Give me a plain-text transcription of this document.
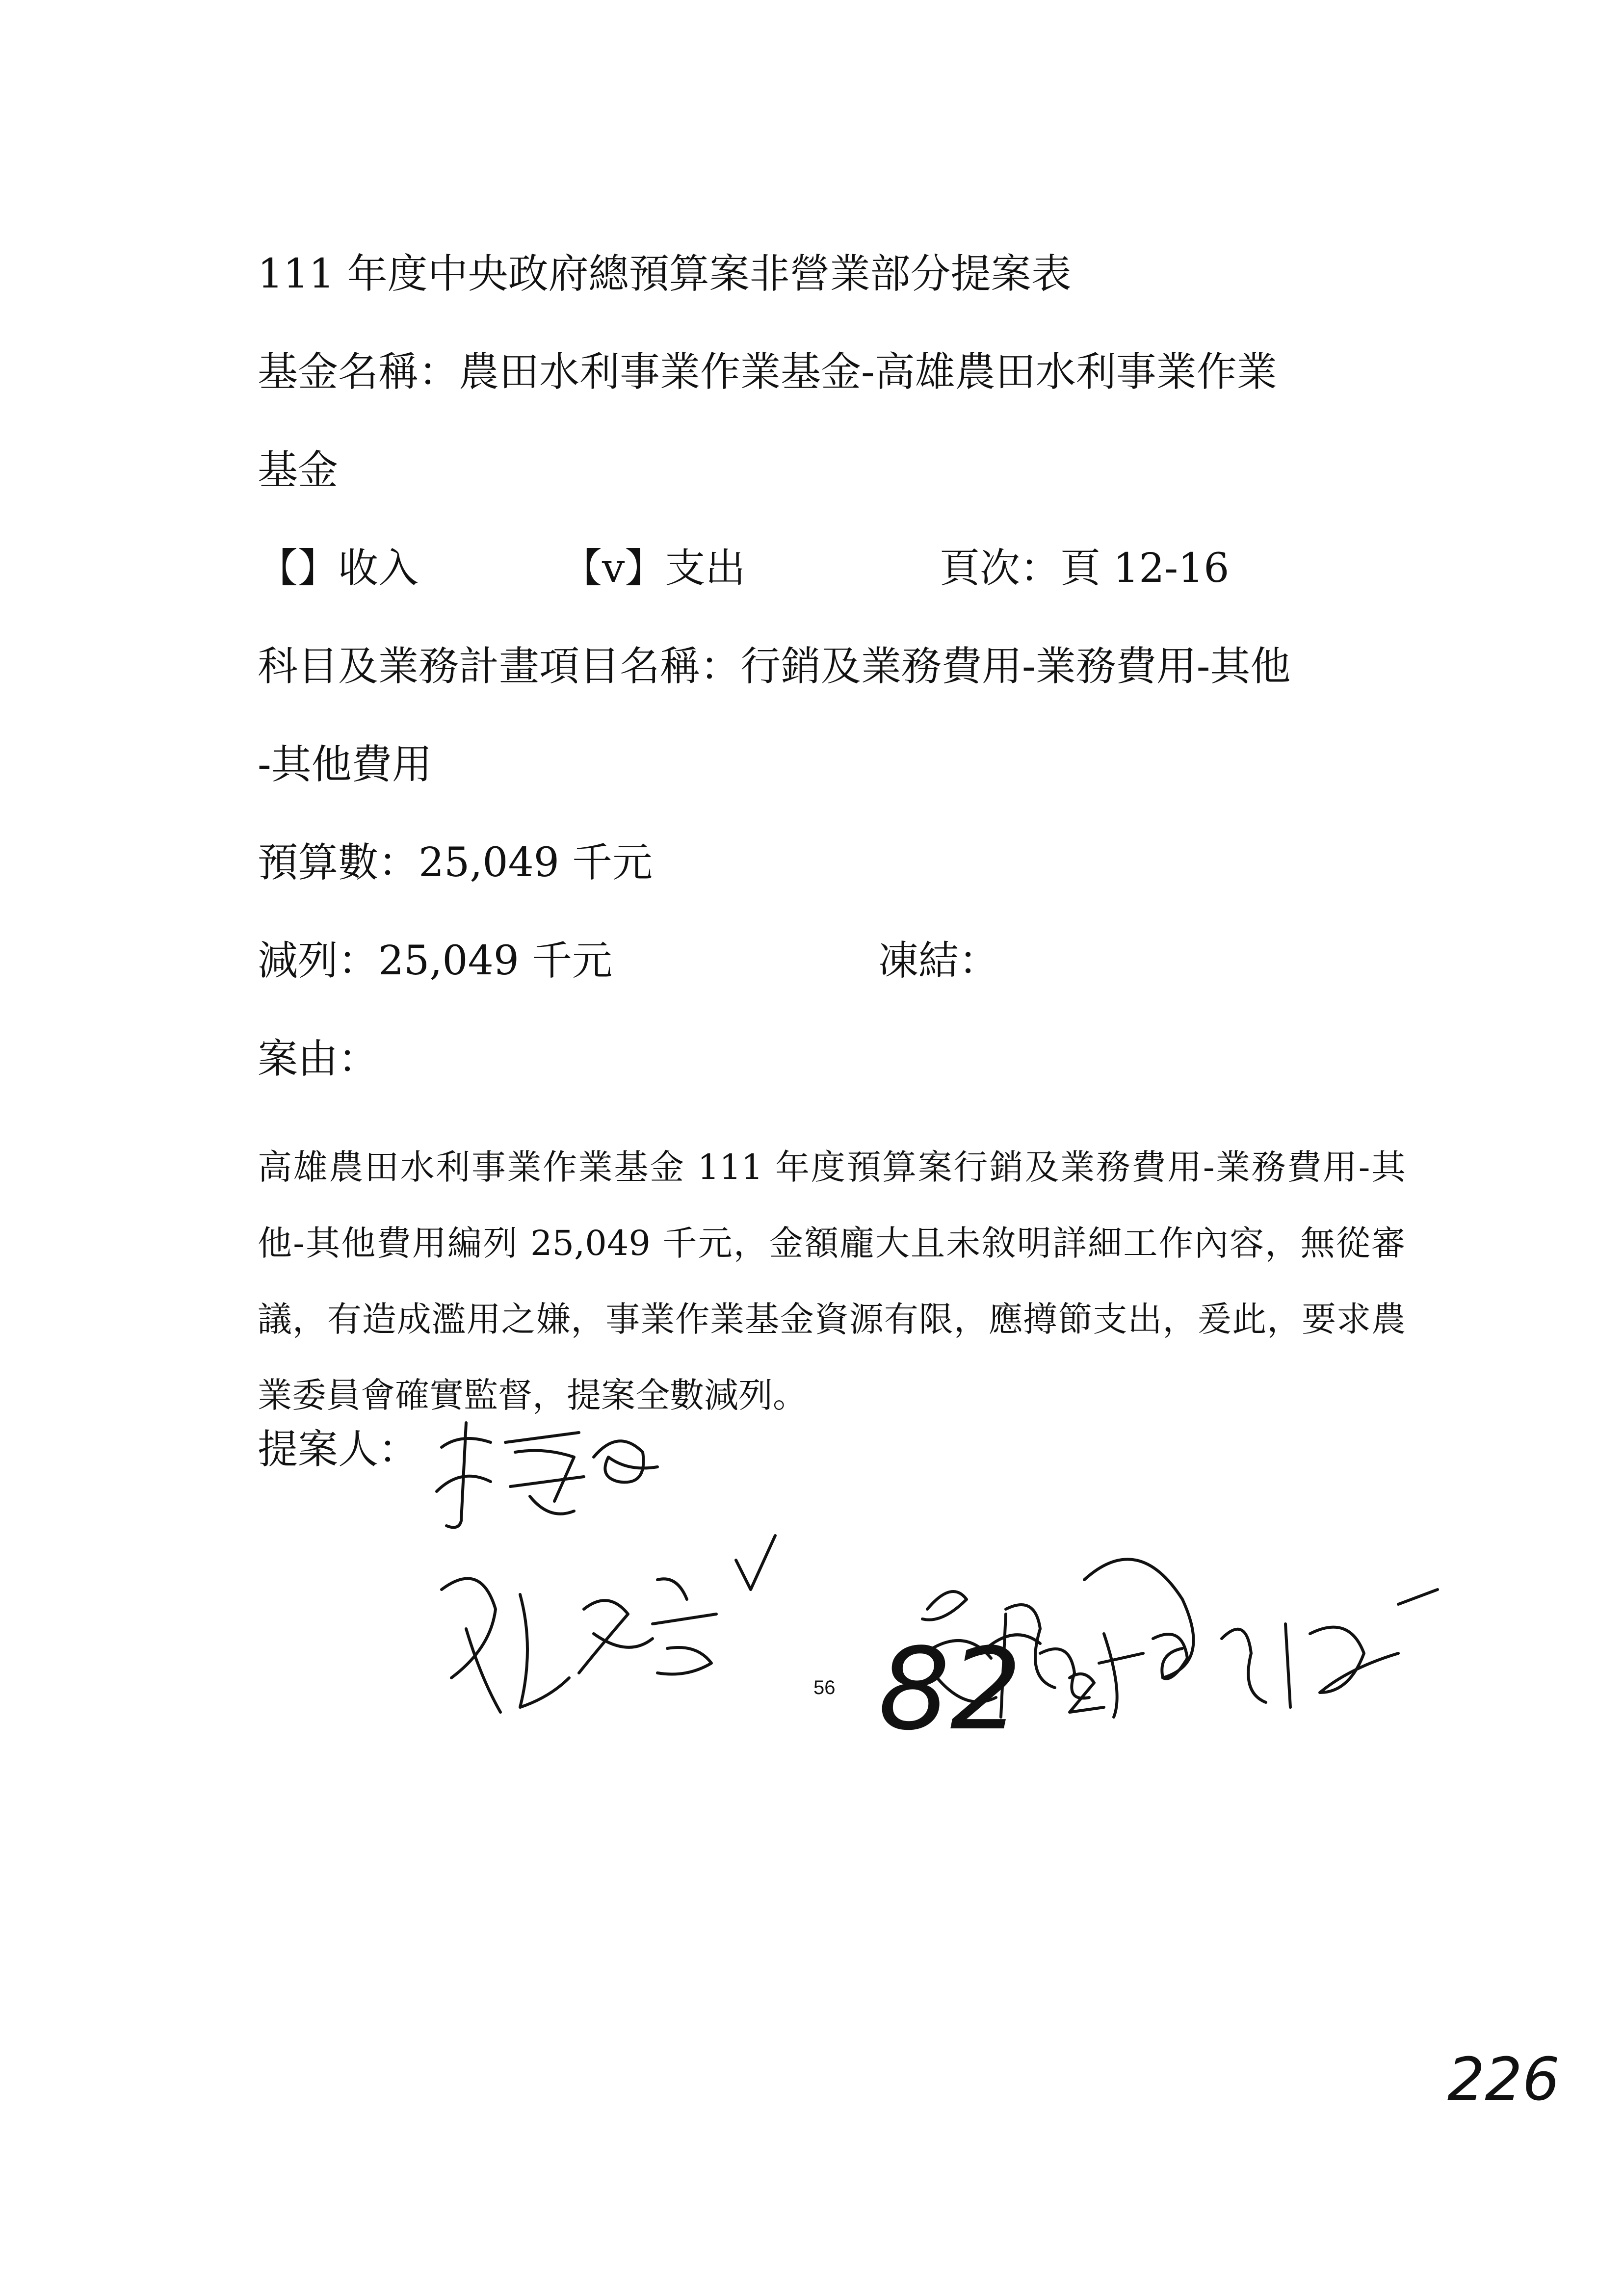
111 年度中央政府總預算案非營業部分提案表
基金名稱：農田水利事業作業基金-高雄農田水利事業作業
基金
【】收入	【v】支出	頁次：頁 12-16
科目及業務計畫項目名稱：行銷及業務費用-業務費用-其他
-其他費用
預算數：25,049 千元
減列：25,049 千元	凍結：
案由：
高雄農田水利事業作業基金 111 年度預算案行銷及業務費用-業務費用-其他-其他費用編列 25,049 千元，金額龐大且未敘明詳細工作內容，無從審議，有造成濫用之嫌，事業作業基金資源有限，應撙節支出，爰此，要求農業委員會確實監督，提案全數減列。
提案人：
56 82
226
